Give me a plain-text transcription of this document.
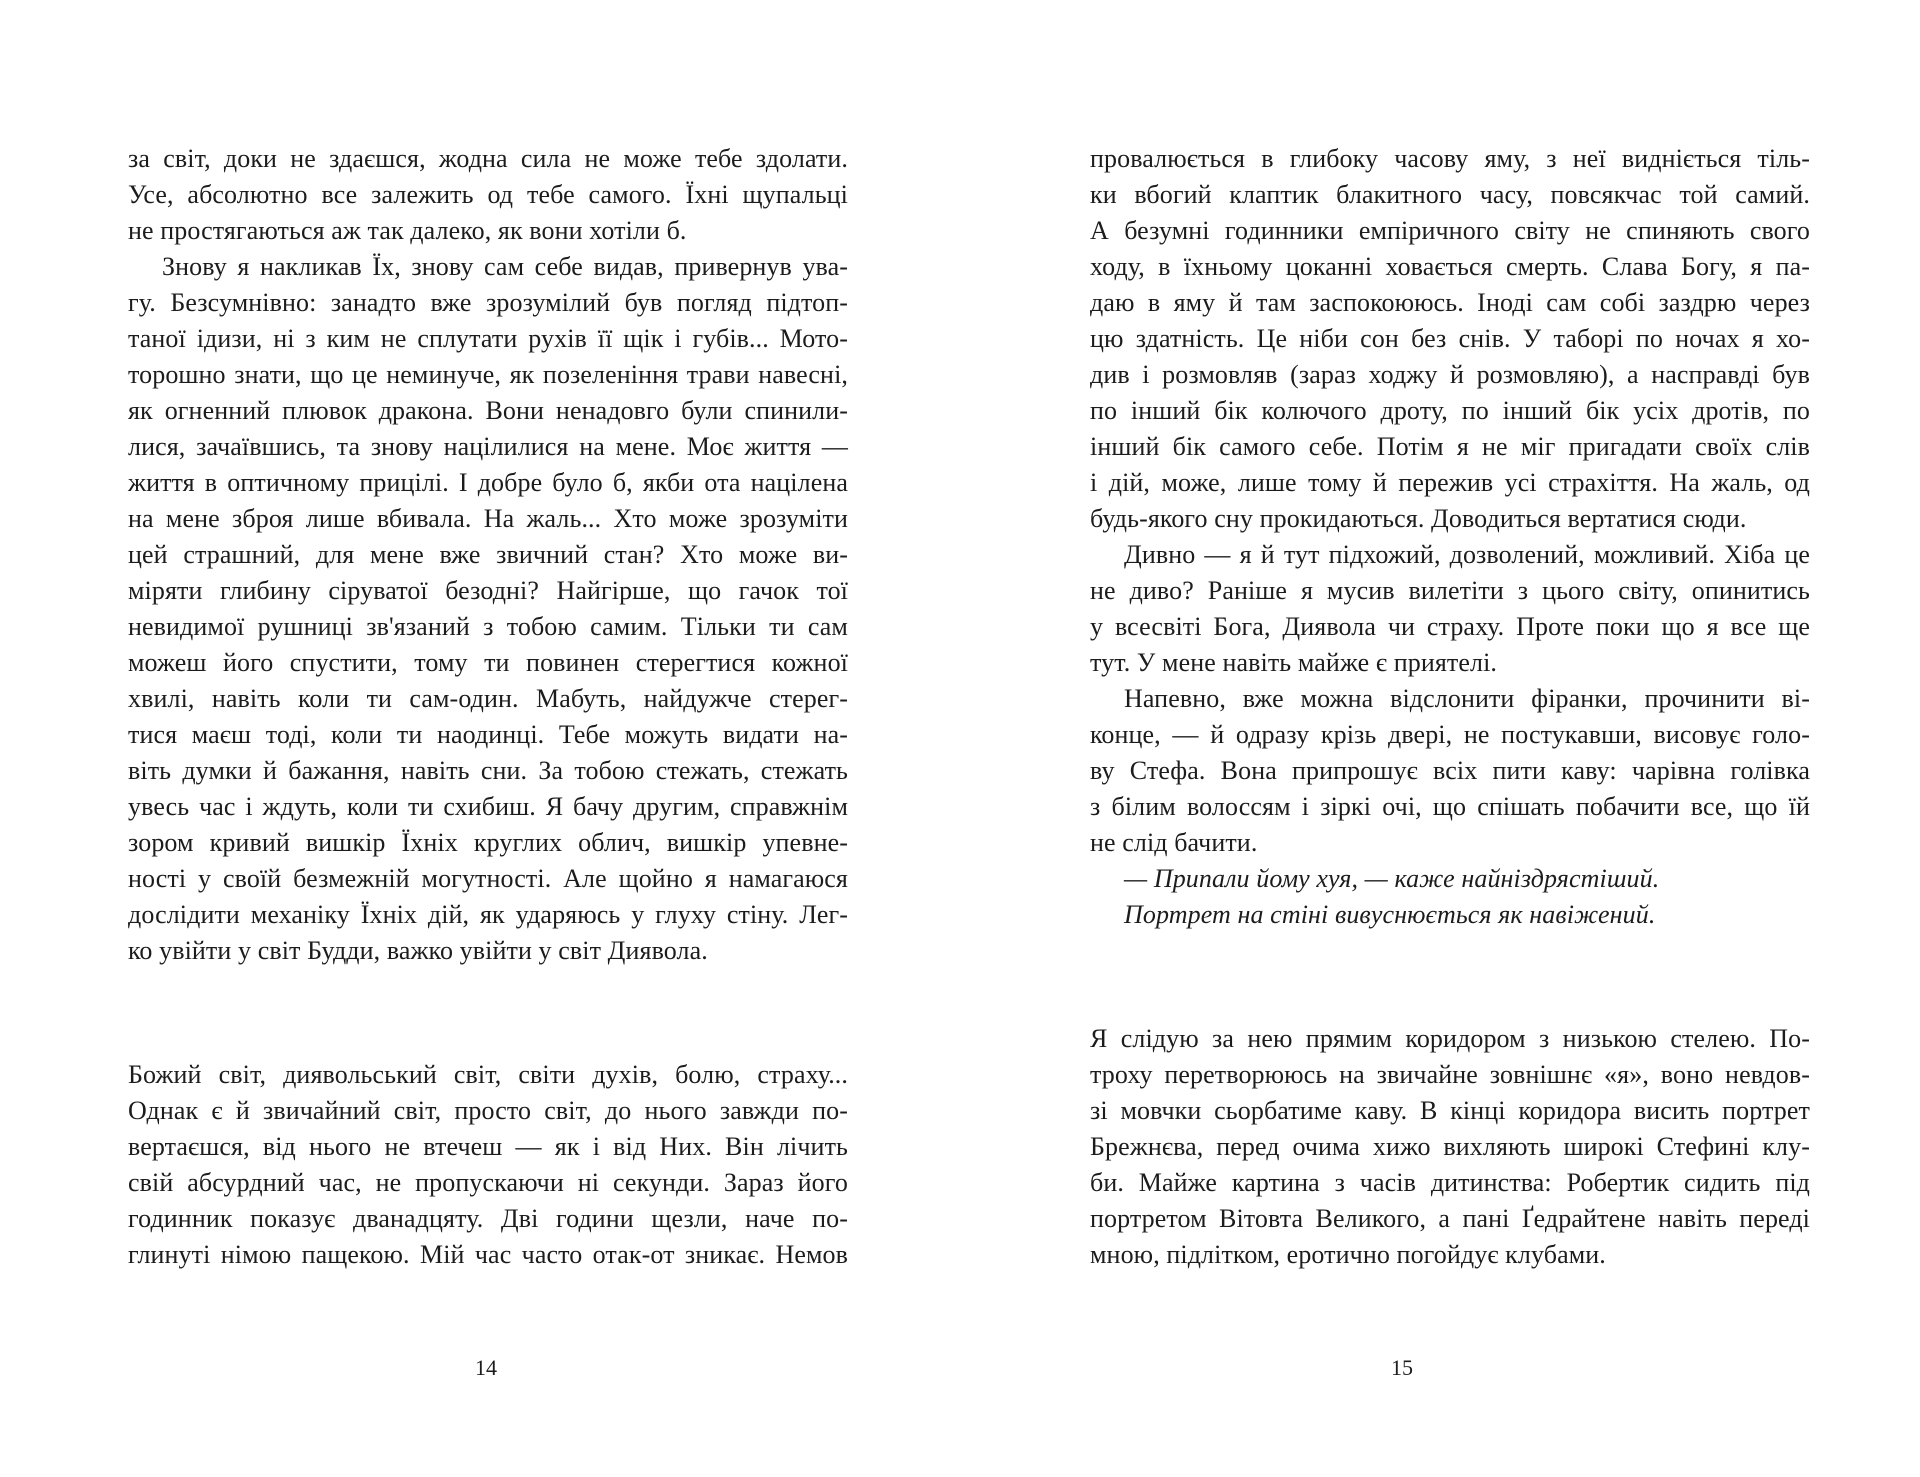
за світ, доки не здаєшся, жодна сила не може тебе здолати.
Усе, абсолютно все залежить од тебе самого. Їхні щупальці
не простягаються аж так далеко, як вони хотіли б.
Знову я накликав Їх, знову сам себе видав, привернув ува-
гу. Безсумнівно: занадто вже зрозумілий був погляд підтоп-
таної ідизи, ні з ким не сплутати рухів її щік і губів... Мото-
торошно знати, що це неминуче, як позеленіння трави навесні,
як огненний плювок дракона. Вони ненадовго були спинили-
лися, зачаївшись, та знову націлилися на мене. Моє життя —
життя в оптичному прицілі. І добре було б, якби ота націлена
на мене зброя лише вбивала. На жаль... Хто може зрозуміти
цей страшний, для мене вже звичний стан? Хто може ви-
міряти глибину сіруватої безодні? Найгірше, що гачок тої
невидимої рушниці зв'язаний з тобою самим. Тільки ти сам
можеш його спустити, тому ти повинен стерегтися кожної
хвилі, навіть коли ти сам-один. Мабуть, найдужче стерег-
тися маєш тоді, коли ти наодинці. Тебе можуть видати на-
віть думки й бажання, навіть сни. За тобою стежать, стежать
увесь час і ждуть, коли ти схибиш. Я бачу другим, справжнім
зором кривий вишкір Їхніх круглих облич, вишкір упевне-
ності у своїй безмежній могутності. Але щойно я намагаюся
дослідити механіку Їхніх дій, як ударяюсь у глуху стіну. Лег-
ко увійти у світ Будди, важко увійти у світ Диявола.
Божий світ, диявольський світ, світи духів, болю, страху...
Однак є й звичайний світ, просто світ, до нього завжди по-
вертаєшся, від нього не втечеш — як і від Них. Він лічить
свій абсурдний час, не пропускаючи ні секунди. Зараз його
годинник показує дванадцяту. Дві години щезли, наче по-
глинуті німою пащекою. Мій час часто отак-от зникає. Немов
14
провалюється в глибоку часову яму, з неї видніється тіль-
ки вбогий клаптик блакитного часу, повсякчас той самий.
А безумні годинники емпіричного світу не спиняють свого
ходу, в їхньому цоканні ховається смерть. Слава Богу, я па-
даю в яму й там заспокоююсь. Іноді сам собі заздрю через
цю здатність. Це ніби сон без снів. У таборі по ночах я хо-
див і розмовляв (зараз ходжу й розмовляю), а насправді був
по інший бік колючого дроту, по інший бік усіх дротів, по
інший бік самого себе. Потім я не міг пригадати своїх слів
і дій, може, лише тому й пережив усі страхіття. На жаль, од
будь-якого сну прокидаються. Доводиться вертатися сюди.
Дивно — я й тут підхожий, дозволений, можливий. Хіба це
не диво? Раніше я мусив вилетіти з цього світу, опинитись
у всесвіті Бога, Диявола чи страху. Проте поки що я все ще
тут. У мене навіть майже є приятелі.
Напевно, вже можна відслонити фіранки, прочинити ві-
конце, — й одразу крізь двері, не постукавши, висовує голо-
ву Стефа. Вона припрошує всіх пити каву: чарівна голівка
з білим волоссям і зіркі очі, що спішать побачити все, що їй
не слід бачити.
— Припали йому хуя, — каже найніздрястіший.
Портрет на стіні вивуснюється як навіжений.
Я слідую за нею прямим коридором з низькою стелею. По-
троху перетворююсь на звичайне зовнішнє «я», воно невдов-
зі мовчки сьорбатиме каву. В кінці коридора висить портрет
Брежнєва, перед очима хижо вихляють широкі Стефині клу-
би. Майже картина з часів дитинства: Робертик сидить під
портретом Вітовта Великого, а пані Ґедрайтене навіть переді
мною, підлітком, еротично погойдує клубами.
15
